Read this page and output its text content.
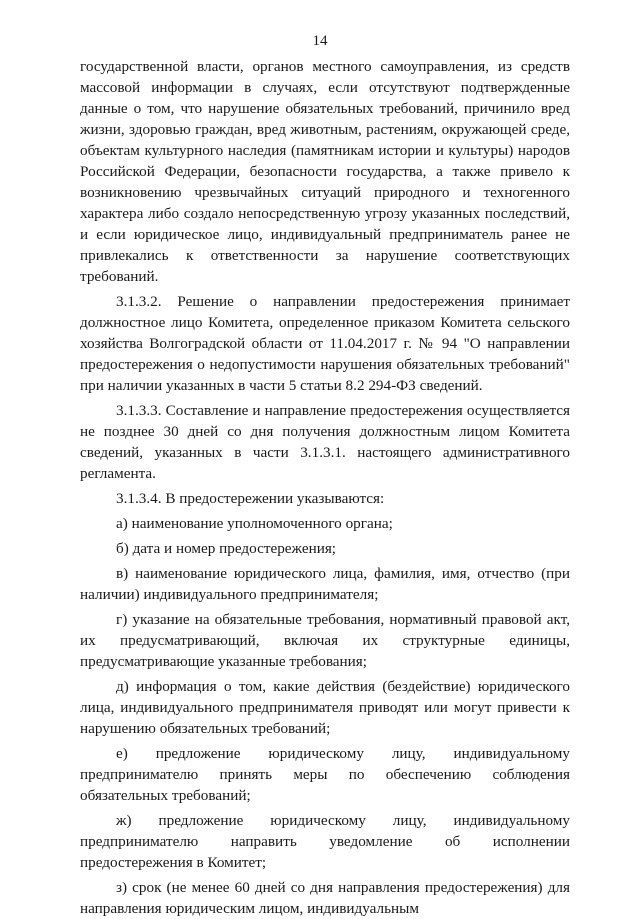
14

государственной власти, органов местного самоуправления, из средств массовой информации в случаях, если отсутствуют подтвержденные данные о том, что нарушение обязательных требований, причинило вред жизни, здоровью граждан, вред животным, растениям, окружающей среде, объектам культурного наследия (памятникам истории и культуры) народов Российской Федерации, безопасности государства, а также привело к возникновению чрезвычайных ситуаций природного и техногенного характера либо создало непосредственную угрозу указанных последствий, и если юридическое лицо, индивидуальный предприниматель ранее не привлекались к ответственности за нарушение соответствующих требований.

3.1.3.2. Решение о направлении предостережения принимает должностное лицо Комитета, определенное приказом Комитета сельского хозяйства Волгоградской области от 11.04.2017 г. № 94 "О направлении предостережения о недопустимости нарушения обязательных требований" при наличии указанных в части 5 статьи 8.2 294-ФЗ сведений.

3.1.3.3. Составление и направление предостережения осуществляется не позднее 30 дней со дня получения должностным лицом Комитета сведений, указанных в части 3.1.3.1. настоящего административного регламента.

3.1.3.4. В предостережении указываются:

а) наименование уполномоченного органа;

б) дата и номер предостережения;

в) наименование юридического лица, фамилия, имя, отчество (при наличии) индивидуального предпринимателя;

г) указание на обязательные требования, нормативный правовой акт, их предусматривающий, включая их структурные единицы, предусматривающие указанные требования;

д) информация о том, какие действия (бездействие) юридического лица, индивидуального предпринимателя приводят или могут привести к нарушению обязательных требований;

е) предложение юридическому лицу, индивидуальному предпринимателю принять меры по обеспечению соблюдения обязательных требований;

ж) предложение юридическому лицу, индивидуальному предпринимателю направить уведомление об исполнении предостережения в Комитет;

з) срок (не менее 60 дней со дня направления предостережения) для направления юридическим лицом, индивидуальным
